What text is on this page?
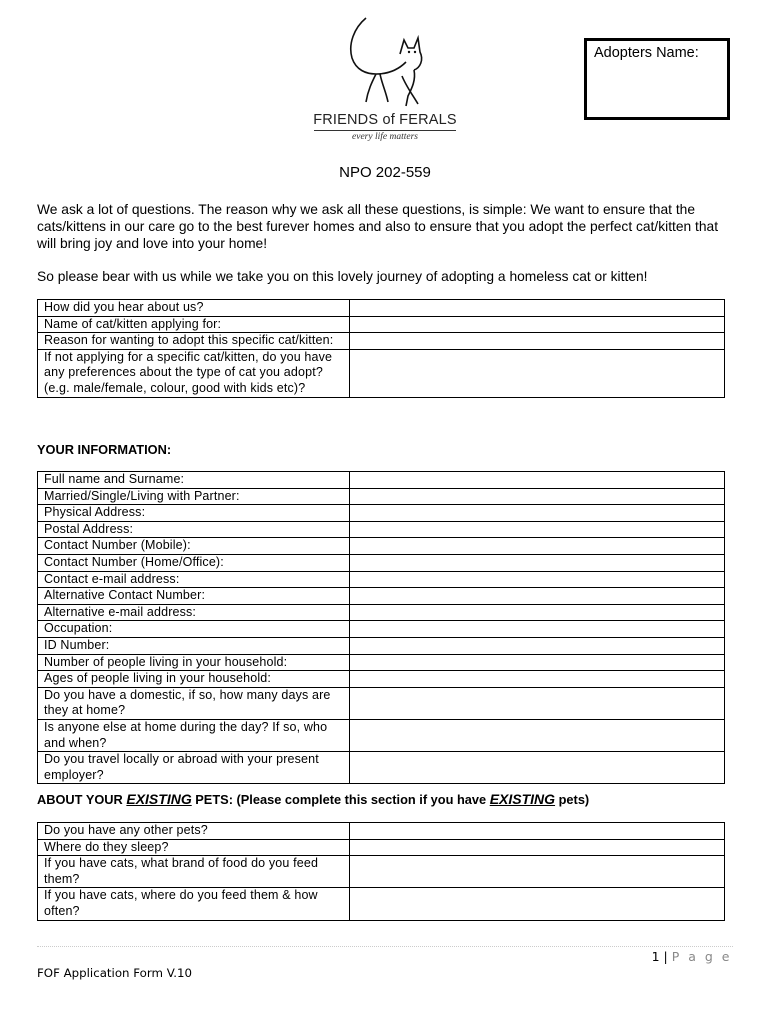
FRIENDS of FERALS
every life matters
Adopters Name:
NPO 202-559
We ask a lot of questions. The reason why we ask all these questions, is simple: We want to ensure that the cats/kittens in our care go to the best furever homes and also to ensure that you adopt the perfect cat/kitten that will bring joy and love into your home!
So please bear with us while we take you on this lovely journey of adopting a homeless cat or kitten!
How did you hear about us?	
Name of cat/kitten applying for:	
Reason for wanting to adopt this specific cat/kitten:	
If not applying for a specific cat/kitten, do you have any preferences about the type of cat you adopt? (e.g. male/female, colour, good with kids etc)?	
YOUR INFORMATION:
Full name and Surname:	
Married/Single/Living with Partner:	
Physical Address:	
Postal Address:	
Contact Number (Mobile):	
Contact Number (Home/Office):	
Contact e-mail address:	
Alternative Contact Number:	
Alternative e-mail address:	
Occupation:	
ID Number:	
Number of people living in your household:	
Ages of people living in your household:	
Do you have a domestic, if so, how many days are they at home?	
Is anyone else at home during the day? If so, who and when?	
Do you travel locally or abroad with your present employer?	
ABOUT YOUR EXISTING PETS: (Please complete this section if you have EXISTING pets)
Do you have any other pets?	
Where do they sleep?	
If you have cats, what brand of food do you feed them?	
If you have cats, where do you feed them & how often?	
1 | P a g e
FOF Application Form V.10
